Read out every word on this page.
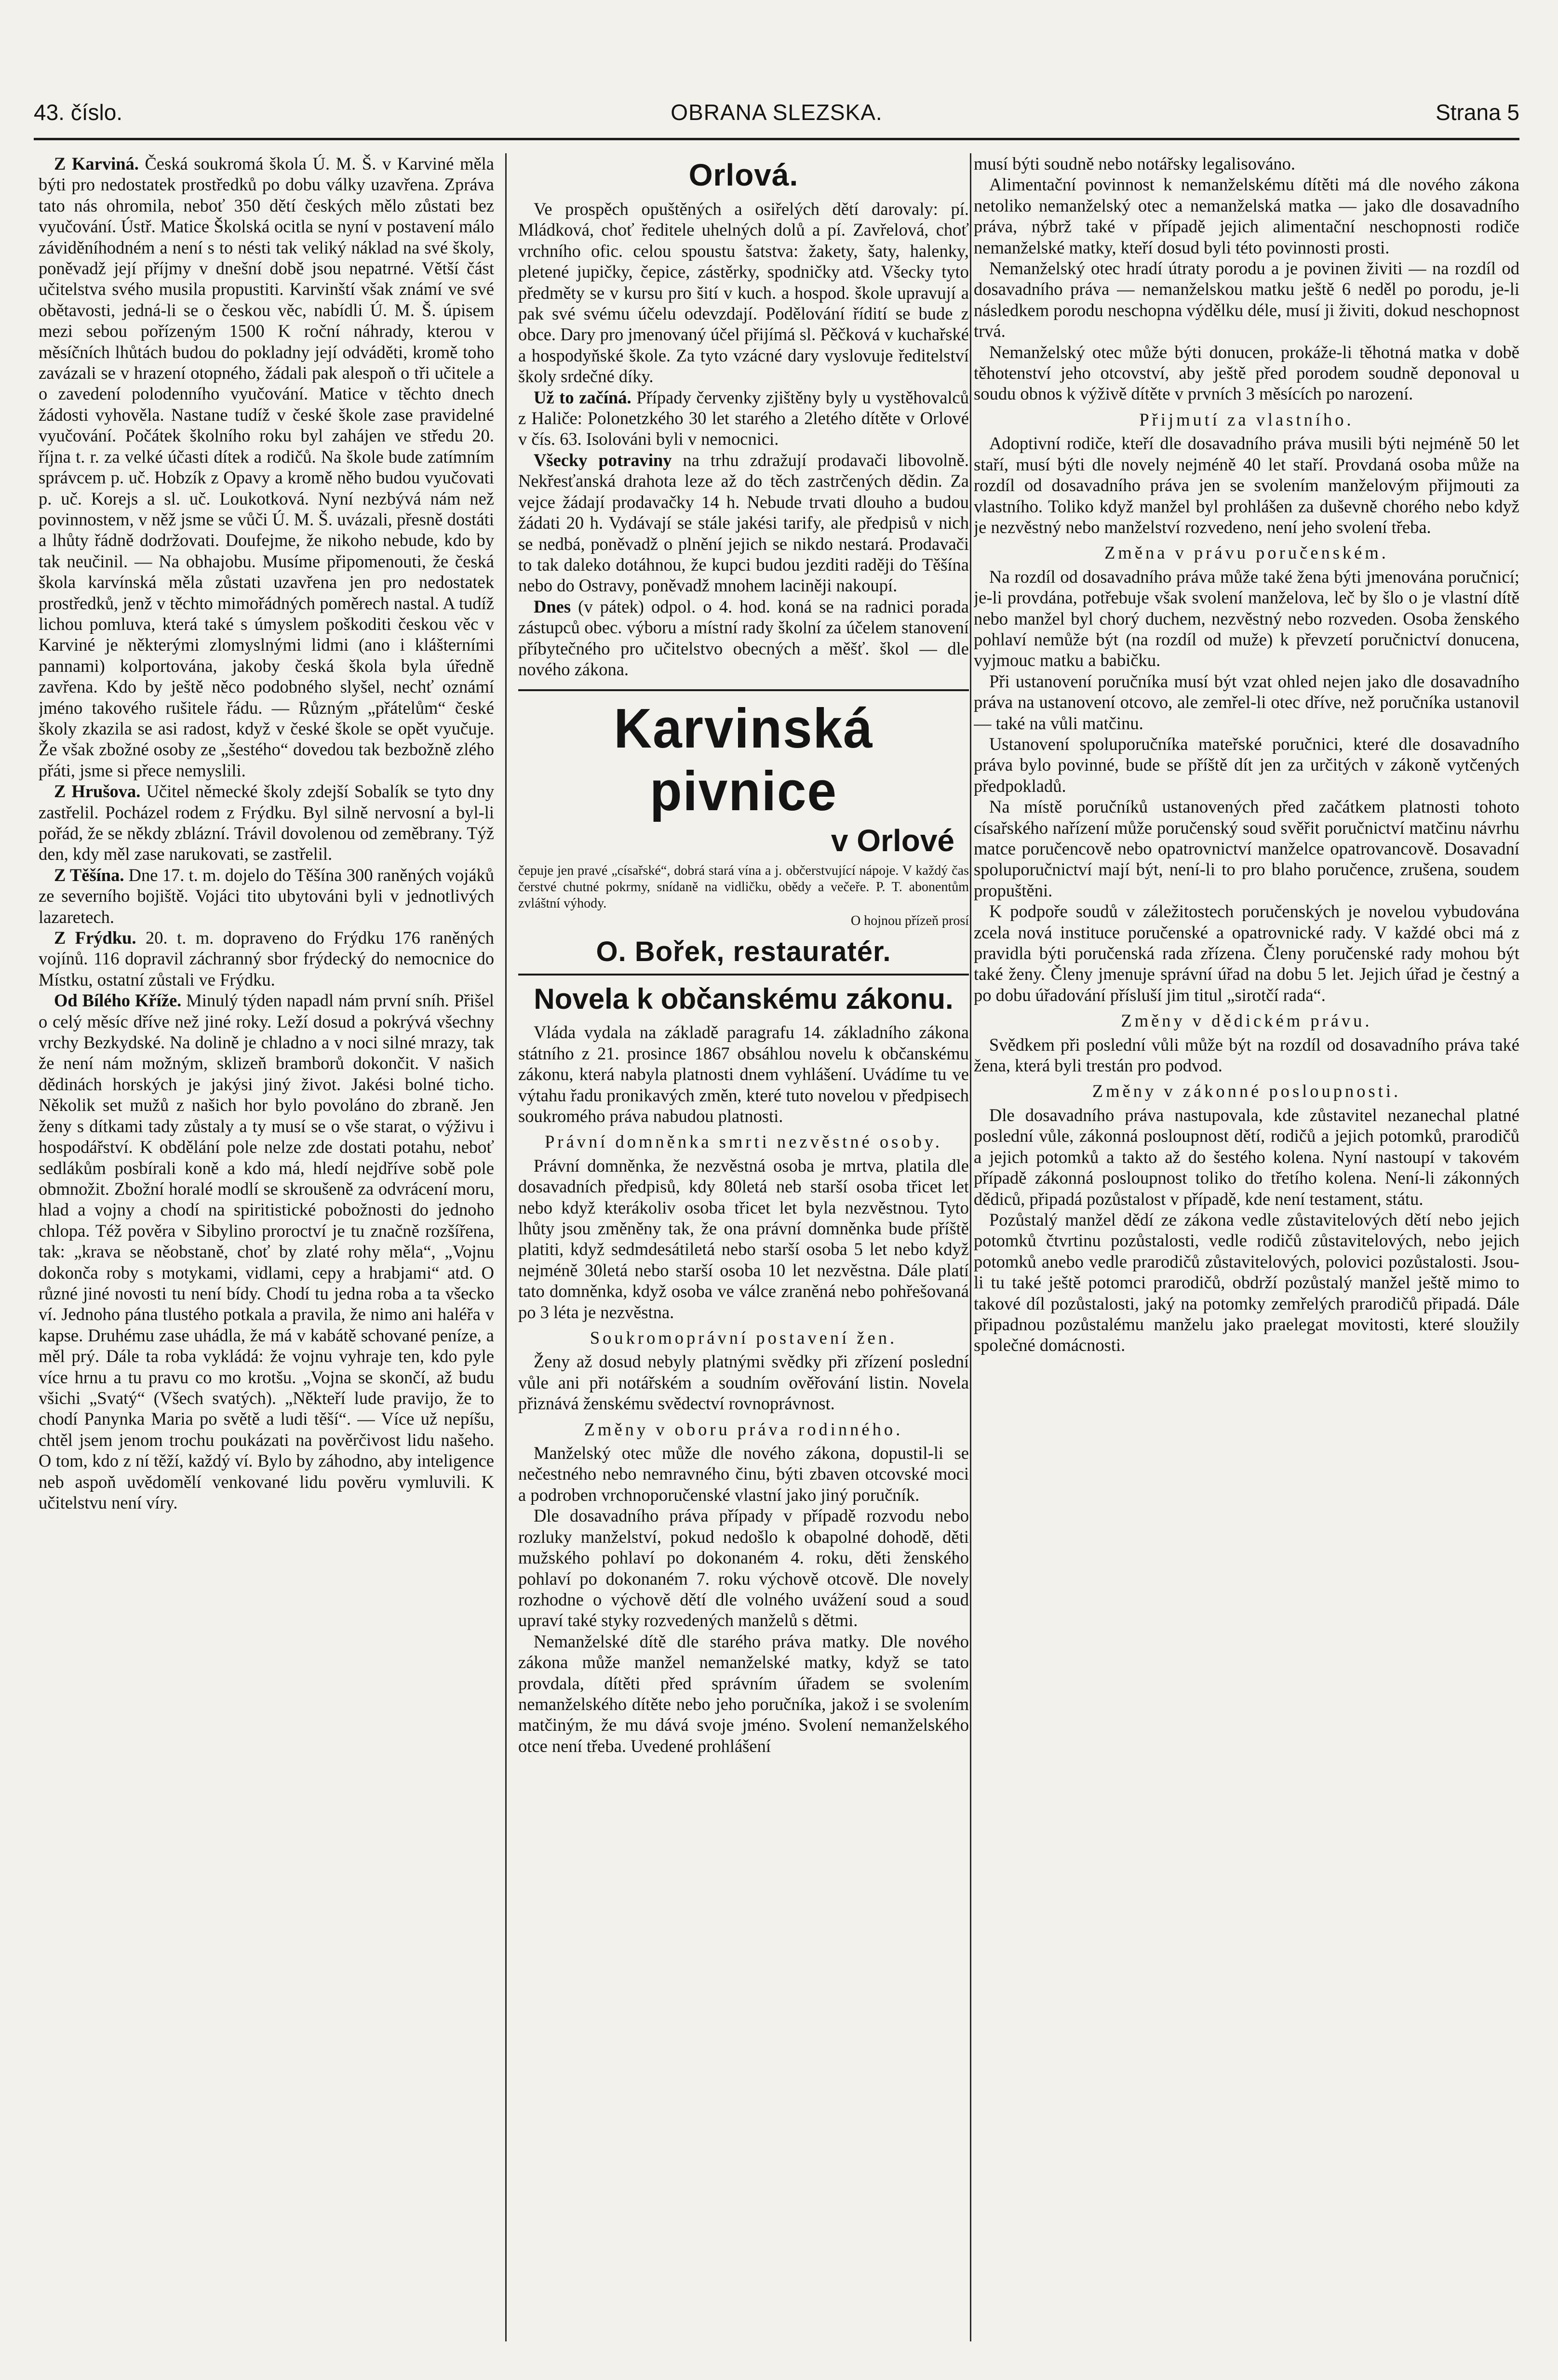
43. číslo.	OBRANA SLEZSKA.	Strana 5

Z Karviná. Česká soukromá škola Ú. M. Š. v Karviné měla býti pro nedostatek prostředků po dobu války uzavřena. Zpráva tato nás ohromila, neboť 350 dětí českých mělo zůstati bez vyučování. Ústř. Matice Školská ocitla se nyní v postavení málo záviděníhodném a není s to nésti tak veliký náklad na své školy, poněvadž její příjmy v dnešní době jsou nepatrné. Větší část učitelstva svého musila propustiti. Karvinští však známí ve své obětavosti, jedná-li se o českou věc, nabídli Ú. M. Š. úpisem mezi sebou pořízeným 1500 K roční náhrady, kterou v měsíčních lhůtách budou do pokladny její odváděti, kromě toho zavázali se v hrazení otopného, žádali pak alespoň o tři učitele a o zavedení polodenního vyučování. Matice v těchto dnech žádosti vyhověla. Nastane tudíž v české škole zase pravidelné vyučování. Počátek školního roku byl zahájen ve středu 20. října t. r. za velké účasti dítek a rodičů. Na škole bude zatímním správcem p. uč. Hobzík z Opavy a kromě něho budou vyučovati p. uč. Korejs a sl. uč. Loukotková. Nyní nezbývá nám než povinnostem, v něž jsme se vůči Ú. M. Š. uvázali, přesně dostáti a lhůty řádně dodržovati. Doufejme, že nikoho nebude, kdo by tak neučinil. — Na obhajobu. Musíme připomenouti, že česká škola karvínská měla zůstati uzavřena jen pro nedostatek prostředků, jenž v těchto mimořádných poměrech nastal. A tudíž lichou pomluva, která také s úmyslem poškoditi českou věc v Karviné je některými zlomyslnými lidmi (ano i klášterními pannami) kolportována, jakoby česká škola byla úředně zavřena. Kdo by ještě něco podobného slyšel, nechť oznámí jméno takového rušitele řádu. — Různým „přátelům“ české školy zkazila se asi radost, když v české škole se opět vyučuje. Že však zbožné osoby ze „šestého“ dovedou tak bezbožně zlého přáti, jsme si přece nemyslili.

Z Hrušova. Učitel německé školy zdejší Sobalík se tyto dny zastřelil. Pocházel rodem z Frýdku. Byl silně nervosní a byl-li pořád, že se někdy zblázní. Trávil dovolenou od zeměbrany. Týž den, kdy měl zase narukovati, se zastřelil.

Z Těšína. Dne 17. t. m. dojelo do Těšína 300 raněných vojáků ze severního bojiště. Vojáci tito ubytováni byli v jednotlivých lazaretech.

Z Frýdku. 20. t. m. dopraveno do Frýdku 176 raněných vojínů. 116 dopravil záchranný sbor frýdecký do nemocnice do Místku, ostatní zůstali ve Frýdku.

Od Bílého Kříže. Minulý týden napadl nám první sníh. Přišel o celý měsíc dříve než jiné roky. Leží dosud a pokrývá všechny vrchy Bezkydské. Na dolině je chladno a v noci silné mrazy, tak že není nám možným, sklizeň bramborů dokončit. V našich dědinách horských je jakýsi jiný život. Jakési bolné ticho. Několik set mužů z našich hor bylo povoláno do zbraně. Jen ženy s dítkami tady zůstaly a ty musí se o vše starat, o výživu i hospodářství. K obdělání pole nelze zde dostati potahu, neboť sedlákům posbírali koně a kdo má, hledí nejdříve sobě pole obmnožit. Zbožní horalé modlí se skroušeně za odvrácení moru, hlad a vojny a chodí na spiritistické pobožnosti do jednoho chlopa. Též pověra v Sibylino proroctví je tu značně rozšířena, tak: „krava se něobstaně, choť by zlaté rohy měla“, „Vojnu dokonča roby s motykami, vidlami, cepy a hrabjami“ atd. O různé jiné novosti tu není bídy. Chodí tu jedna roba a ta všecko ví. Jednoho pána tlustého potkala a pravila, že nimo ani haléřa v kapse. Druhému zase uhádla, že má v kabátě schované peníze, a měl prý. Dále ta roba vykládá: že vojnu vyhraje ten, kdo pyle více hrnu a tu pravu co mo krotšu. „Vojna se skončí, až budu všichi „Svatý“ (Všech svatých). „Někteří lude pravijo, že to chodí Panynka Maria po světě a ludi těší“. — Více už nepíšu, chtěl jsem jenom trochu poukázati na pověrčivost lidu našeho. O tom, kdo z ní těží, každý ví. Bylo by záhodno, aby inteligence neb aspoň uvědomělí venkované lidu pověru vymluvili. K učitelstvu není víry.

Orlová.

Ve prospěch opuštěných a osiřelých dětí darovaly: pí. Mládková, choť ředitele uhelných dolů a pí. Zavřelová, choť vrchního ofic. celou spoustu šatstva: žakety, šaty, halenky, pletené jupičky, čepice, zástěrky, spodničky atd. Všecky tyto předměty se v kursu pro šití v kuch. a hospod. škole upravují a pak své svému účelu odevzdají. Podělování řídití se bude z obce. Dary pro jmenovaný účel přijímá sl. Pěčková v kuchařské a hospodyňské škole. Za tyto vzácné dary vyslovuje ředitelství školy srdečné díky.

Už to začíná. Případy červenky zjištěny byly u vystěhovalců z Haliče: Polonetzkého 30 let starého a 2letého dítěte v Orlové v čís. 63. Isolováni byli v nemocnici.

Všecky potraviny na trhu zdražují prodavači libovolně. Nekřesťanská drahota leze až do těch zastrčených dědin. Za vejce žádají prodavačky 14 h. Nebude trvati dlouho a budou žádati 20 h. Vydávají se stále jakési tarify, ale předpisů v nich se nedbá, poněvadž o plnění jejich se nikdo nestará. Prodavači to tak daleko dotáhnou, že kupci budou jezditi raději do Těšína nebo do Ostravy, poněvadž mnohem laciněji nakoupí.

Dnes (v pátek) odpol. o 4. hod. koná se na radnici porada zástupců obec. výboru a místní rady školní za účelem stanovení příbytečného pro učitelstvo obecných a měšť. škol — dle nového zákona.

Karvinská pivnice
v Orlové

čepuje jen pravé „císařské“, dobrá stará vína a j. občerstvující nápoje. V každý čas čerstvé chutné pokrmy, snídaně na vidličku, obědy a večeře. P. T. abonentům zvláštní výhody.

O hojnou přízeň prosí

O. Bořek, restauratér.
Novela k občanskému zákonu.

Vláda vydala na základě paragrafu 14. základního zákona státního z 21. prosince 1867 obsáhlou novelu k občanskému zákonu, která nabyla platnosti dnem vyhlášení. Uvádíme tu ve výtahu řadu pronikavých změn, které tuto novelou v předpisech soukromého práva nabudou platnosti.

Právní domněnka smrti nezvěstné osoby.

Právní domněnka, že nezvěstná osoba je mrtva, platila dle dosavadních předpisů, kdy 80letá neb starší osoba třicet let nebo když kterákoliv osoba třicet let byla nezvěstnou. Tyto lhůty jsou změněny tak, že ona právní domněnka bude příště platiti, když sedmdesátiletá nebo starší osoba 5 let nebo když nejméně 30letá nebo starší osoba 10 let nezvěstna. Dále platí tato domněnka, když osoba ve válce zraněná nebo pohřešovaná po 3 léta je nezvěstna.

Soukromoprávní postavení žen.

Ženy až dosud nebyly platnými svědky při zřízení poslední vůle ani při notářském a soudním ověřování listin. Novela přiznává ženskému svědectví rovnoprávnost.

Změny v oboru práva rodinného.

Manželský otec může dle nového zákona, dopustil-li se nečestného nebo nemravného činu, býti zbaven otcovské moci a podroben vrchnoporučenské vlastní jako jiný poručník.

Dle dosavadního práva případy v případě rozvodu nebo rozluky manželství, pokud nedošlo k obapolné dohodě, děti mužského pohlaví po dokonaném 4. roku, děti ženského pohlaví po dokonaném 7. roku výchově otcově. Dle novely rozhodne o výchově dětí dle volného uvážení soud a soud upraví také styky rozvedených manželů s dětmi.

Nemanželské dítě dle starého práva matky. Dle nového zákona může manžel nemanželské matky, když se tato provdala, dítěti před správním úřadem se svolením nemanželského dítěte nebo jeho poručníka, jakož i se svolením matčiným, že mu dává svoje jméno. Svolení nemanželského otce není třeba. Uvedené prohlášení

musí býti soudně nebo notářsky legalisováno.

Alimentační povinnost k nemanželskému dítěti má dle nového zákona netoliko nemanželský otec a nemanželská matka — jako dle dosavadního práva, nýbrž také v případě jejich alimentační neschopnosti rodiče nemanželské matky, kteří dosud byli této povinnosti prosti.

Nemanželský otec hradí útraty porodu a je povinen živiti — na rozdíl od dosavadního práva — nemanželskou matku ještě 6 neděl po porodu, je-li následkem porodu neschopna výdělku déle, musí ji živiti, dokud neschopnost trvá.

Nemanželský otec může býti donucen, prokáže-li těhotná matka v době těhotenství jeho otcovství, aby ještě před porodem soudně deponoval u soudu obnos k výživě dítěte v prvních 3 měsících po narození.

Přijmutí za vlastního.

Adoptivní rodiče, kteří dle dosavadního práva musili býti nejméně 50 let staří, musí býti dle novely nejméně 40 let staří. Provdaná osoba může na rozdíl od dosavadního práva jen se svolením manželovým přijmouti za vlastního. Toliko když manžel byl prohlášen za duševně chorého nebo když je nezvěstný nebo manželství rozvedeno, není jeho svolení třeba.

Změna v právu poručenském.

Na rozdíl od dosavadního práva může také žena býti jmenována poručnicí; je-li provdána, potřebuje však svolení manželova, leč by šlo o je vlastní dítě nebo manžel byl chorý duchem, nezvěstný nebo rozveden. Osoba ženského pohlaví nemůže být (na rozdíl od muže) k převzetí poručnictví donucena, vyjmouc matku a babičku.

Při ustanovení poručníka musí být vzat ohled nejen jako dle dosavadního práva na ustanovení otcovo, ale zemřel-li otec dříve, než poručníka ustanovil — také na vůli matčinu.

Ustanovení spoluporučníka mateřské poručnici, které dle dosavadního práva bylo povinné, bude se příště dít jen za určitých v zákoně vytčených předpokladů.

Na místě poručníků ustanovených před začátkem platnosti tohoto císařského nařízení může poručenský soud svěřit poručnictví matčinu návrhu matce poručencově nebo opatrovnictví manželce opatrovancově. Dosavadní spoluporučnictví mají být, není-li to pro blaho poručence, zrušena, soudem propuštěni.

K podpoře soudů v záležitostech poručenských je novelou vybudována zcela nová instituce poručenské a opatrovnické rady. V každé obci má z pravidla býti poručenská rada zřízena. Členy poručenské rady mohou být také ženy. Členy jmenuje správní úřad na dobu 5 let. Jejich úřad je čestný a po dobu úřadování přísluší jim titul „sirotčí rada“.

Změny v dědickém právu.

Svědkem při poslední vůli může být na rozdíl od dosavadního práva také žena, která byli trestán pro podvod.

Změny v zákonné posloupnosti.

Dle dosavadního práva nastupovala, kde zůstavitel nezanechal platné poslední vůle, zákonná posloupnost dětí, rodičů a jejich potomků, prarodičů a jejich potomků a takto až do šestého kolena. Nyní nastoupí v takovém případě zákonná posloupnost toliko do třetího kolena. Není-li zákonných dědiců, připadá pozůstalost v případě, kde není testament, státu.

Pozůstalý manžel dědí ze zákona vedle zůstavitelových dětí nebo jejich potomků čtvrtinu pozůstalosti, vedle rodičů zůstavitelových, nebo jejich potomků anebo vedle prarodičů zůstavitelových, polovici pozůstalosti. Jsou-li tu také ještě potomci prarodičů, obdrží pozůstalý manžel ještě mimo to takové díl pozůstalosti, jaký na potomky zemřelých prarodičů připadá. Dále připadnou pozůstalému manželu jako praelegat movitosti, které sloužily společné domácnosti.
